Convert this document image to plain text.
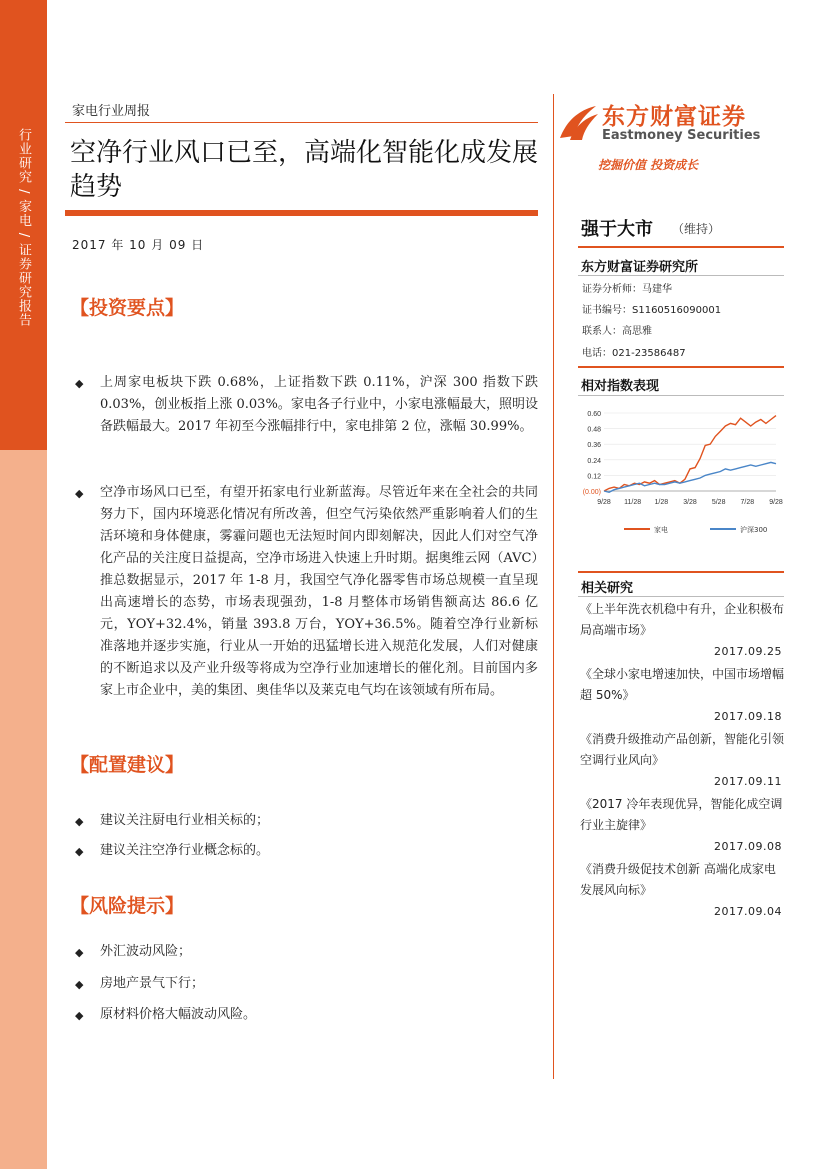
行业研究 / 家电 / 证券研究报告
家电行业周报
空净行业风口已至，高端化智能化成发展趋势
2017 年 10 月 09 日
【投资要点】
◆ 上周家电板块下跌 0.68%，上证指数下跌 0.11%，沪深 300 指数下跌 0.03%，创业板指上涨 0.03%。家电各子行业中，小家电涨幅最大，照明设备跌幅最大。2017 年初至今涨幅排行中，家电排第 2 位，涨幅 30.99%。
◆ 空净市场风口已至，有望开拓家电行业新蓝海。尽管近年来在全社会的共同努力下，国内环境恶化情况有所改善，但空气污染依然严重影响着人们的生活环境和身体健康，雾霾问题也无法短时间内即刻解决，因此人们对空气净化产品的关注度日益提高，空净市场进入快速上升时期。据奥维云网（AVC）推总数据显示，2017 年 1-8 月，我国空气净化器零售市场总规模一直呈现出高速增长的态势，市场表现强劲，1-8 月整体市场销售额高达 86.6 亿元，YOY+32.4%，销量 393.8 万台，YOY+36.5%。随着空净行业新标准落地并逐步实施，行业从一开始的迅猛增长进入规范化发展，人们对健康的不断追求以及产业升级等将成为空净行业加速增长的催化剂。目前国内多家上市企业中，美的集团、奥佳华以及莱克电气均在该领域有所布局。
【配置建议】
◆ 建议关注厨电行业相关标的；
◆ 建议关注空净行业概念标的。
【风险提示】
◆ 外汇波动风险；
◆ 房地产景气下行；
◆ 原材料价格大幅波动风险。
东方财富证券
Eastmoney Securities
挖掘价值 投资成长
强于大市 （维持）
东方财富证券研究所
证券分析师：马建华
证书编号：S1160516090001
联系人：高思雅
电话：021-23586487
相对指数表现
(0.00)
0.12
0.24
0.36
0.48
0.60
9/28 11/28 1/28 3/28 5/28 7/28 9/28
家电	沪深300
相关研究
《上半年洗衣机稳中有升，企业积极布局高端市场》
2017.09.25
《全球小家电增速加快，中国市场增幅超 50%》
2017.09.18
《消费升级推动产品创新，智能化引领空调行业风向》
2017.09.11
《2017 冷年表现优异，智能化成空调行业主旋律》
2017.09.08
《消费升级促技术创新 高端化成家电发展风向标》
2017.09.04
